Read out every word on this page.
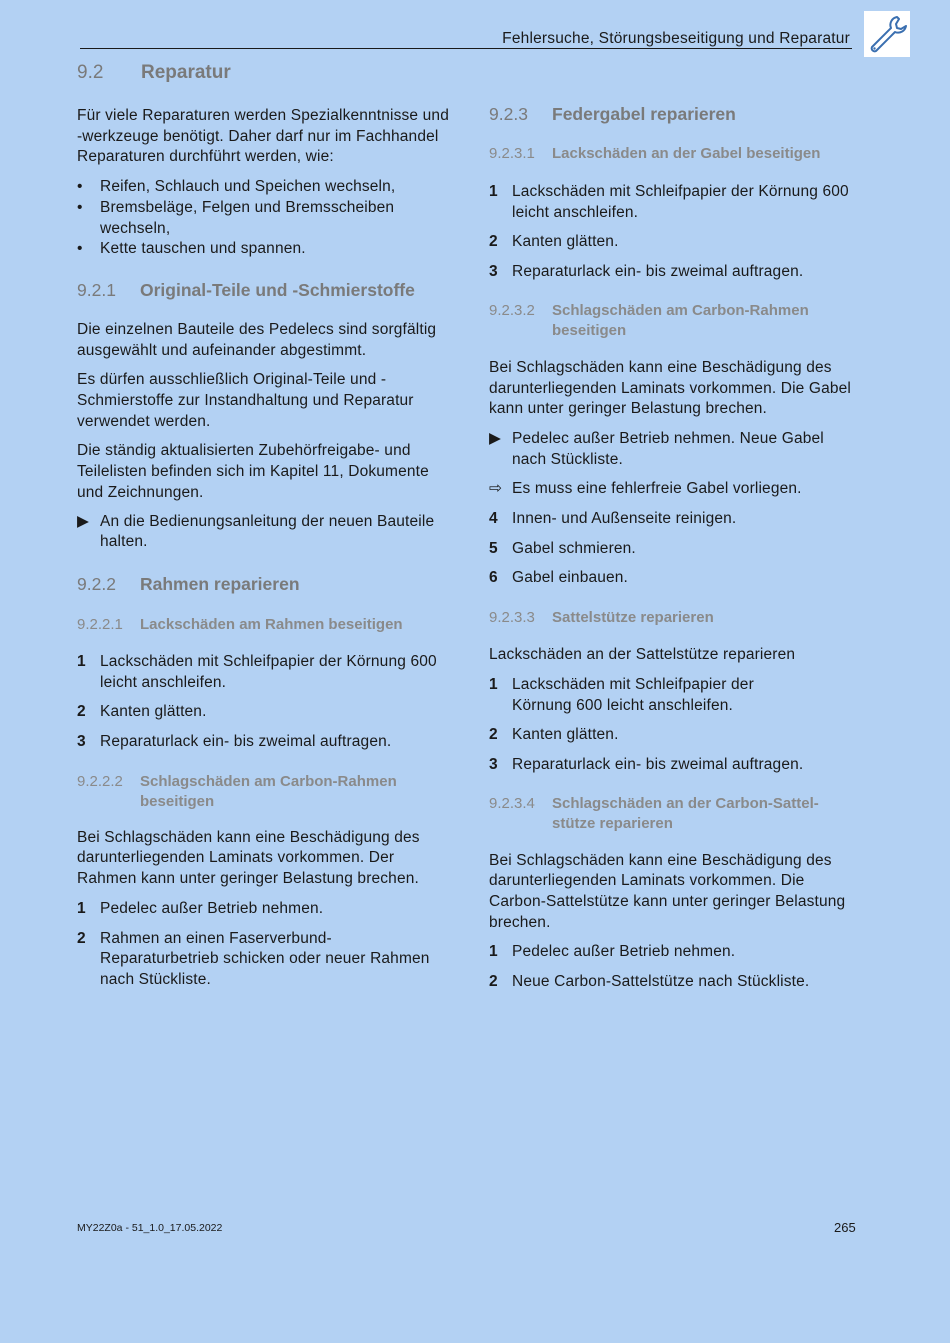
Fehlersuche, Störungsbeseitigung und Reparatur
9.2	Reparatur

Für viele Reparaturen werden Spezialkenntnisse und -werkzeuge benötigt. Daher darf nur im Fachhandel Reparaturen durchführt werden, wie:

•	Reifen, Schlauch und Speichen wechseln,
•	Bremsbeläge, Felgen und Bremsscheiben wechseln,
•	Kette tauschen und spannen.
9.2.1	Original-Teile und -Schmierstoffe

Die einzelnen Bauteile des Pedelecs sind sorgfältig ausgewählt und aufeinander abgestimmt.

Es dürfen ausschließlich Original-Teile und -Schmierstoffe zur Instandhaltung und Reparatur verwendet werden.

Die ständig aktualisierten Zubehörfreigabe- und Teilelisten befinden sich im Kapitel 11, Dokumente und Zeichnungen.

▶ An die Bedienungsanleitung der neuen Bauteile halten.
9.2.2	Rahmen reparieren
9.2.2.1	Lackschäden am Rahmen beseitigen
1 Lackschäden mit Schleifpapier der Körnung 600 leicht anschleifen.
2 Kanten glätten.
3 Reparaturlack ein- bis zweimal auftragen.
9.2.2.2	Schlagschäden am Carbon-Rahmen beseitigen

Bei Schlagschäden kann eine Beschädigung des darunterliegenden Laminats vorkommen. Der Rahmen kann unter geringer Belastung brechen.

1 Pedelec außer Betrieb nehmen.
2 Rahmen an einen Faserverbund-Reparaturbetrieb schicken oder neuer Rahmen nach Stückliste.
9.2.3	Federgabel reparieren
9.2.3.1	Lackschäden an der Gabel beseitigen
1 Lackschäden mit Schleifpapier der Körnung 600 leicht anschleifen.
2 Kanten glätten.
3 Reparaturlack ein- bis zweimal auftragen.
9.2.3.2	Schlagschäden am Carbon-Rahmen beseitigen

Bei Schlagschäden kann eine Beschädigung des darunterliegenden Laminats vorkommen. Die Gabel kann unter geringer Belastung brechen.

▶ Pedelec außer Betrieb nehmen. Neue Gabel nach Stückliste.
⇨ Es muss eine fehlerfreie Gabel vorliegen.
4 Innen- und Außenseite reinigen.
5 Gabel schmieren.
6 Gabel einbauen.
9.2.3.3	Sattelstütze reparieren

Lackschäden an der Sattelstütze reparieren

1 Lackschäden mit Schleifpapier der Körnung 600 leicht anschleifen.
2 Kanten glätten.
3 Reparaturlack ein- bis zweimal auftragen.
9.2.3.4	Schlagschäden an der Carbon-Sattel-stütze reparieren

Bei Schlagschäden kann eine Beschädigung des darunterliegenden Laminats vorkommen. Die Carbon-Sattelstütze kann unter geringer Belastung brechen.

1 Pedelec außer Betrieb nehmen.
2 Neue Carbon-Sattelstütze nach Stückliste.
MY22Z0a - 51_1.0_17.05.2022	265
